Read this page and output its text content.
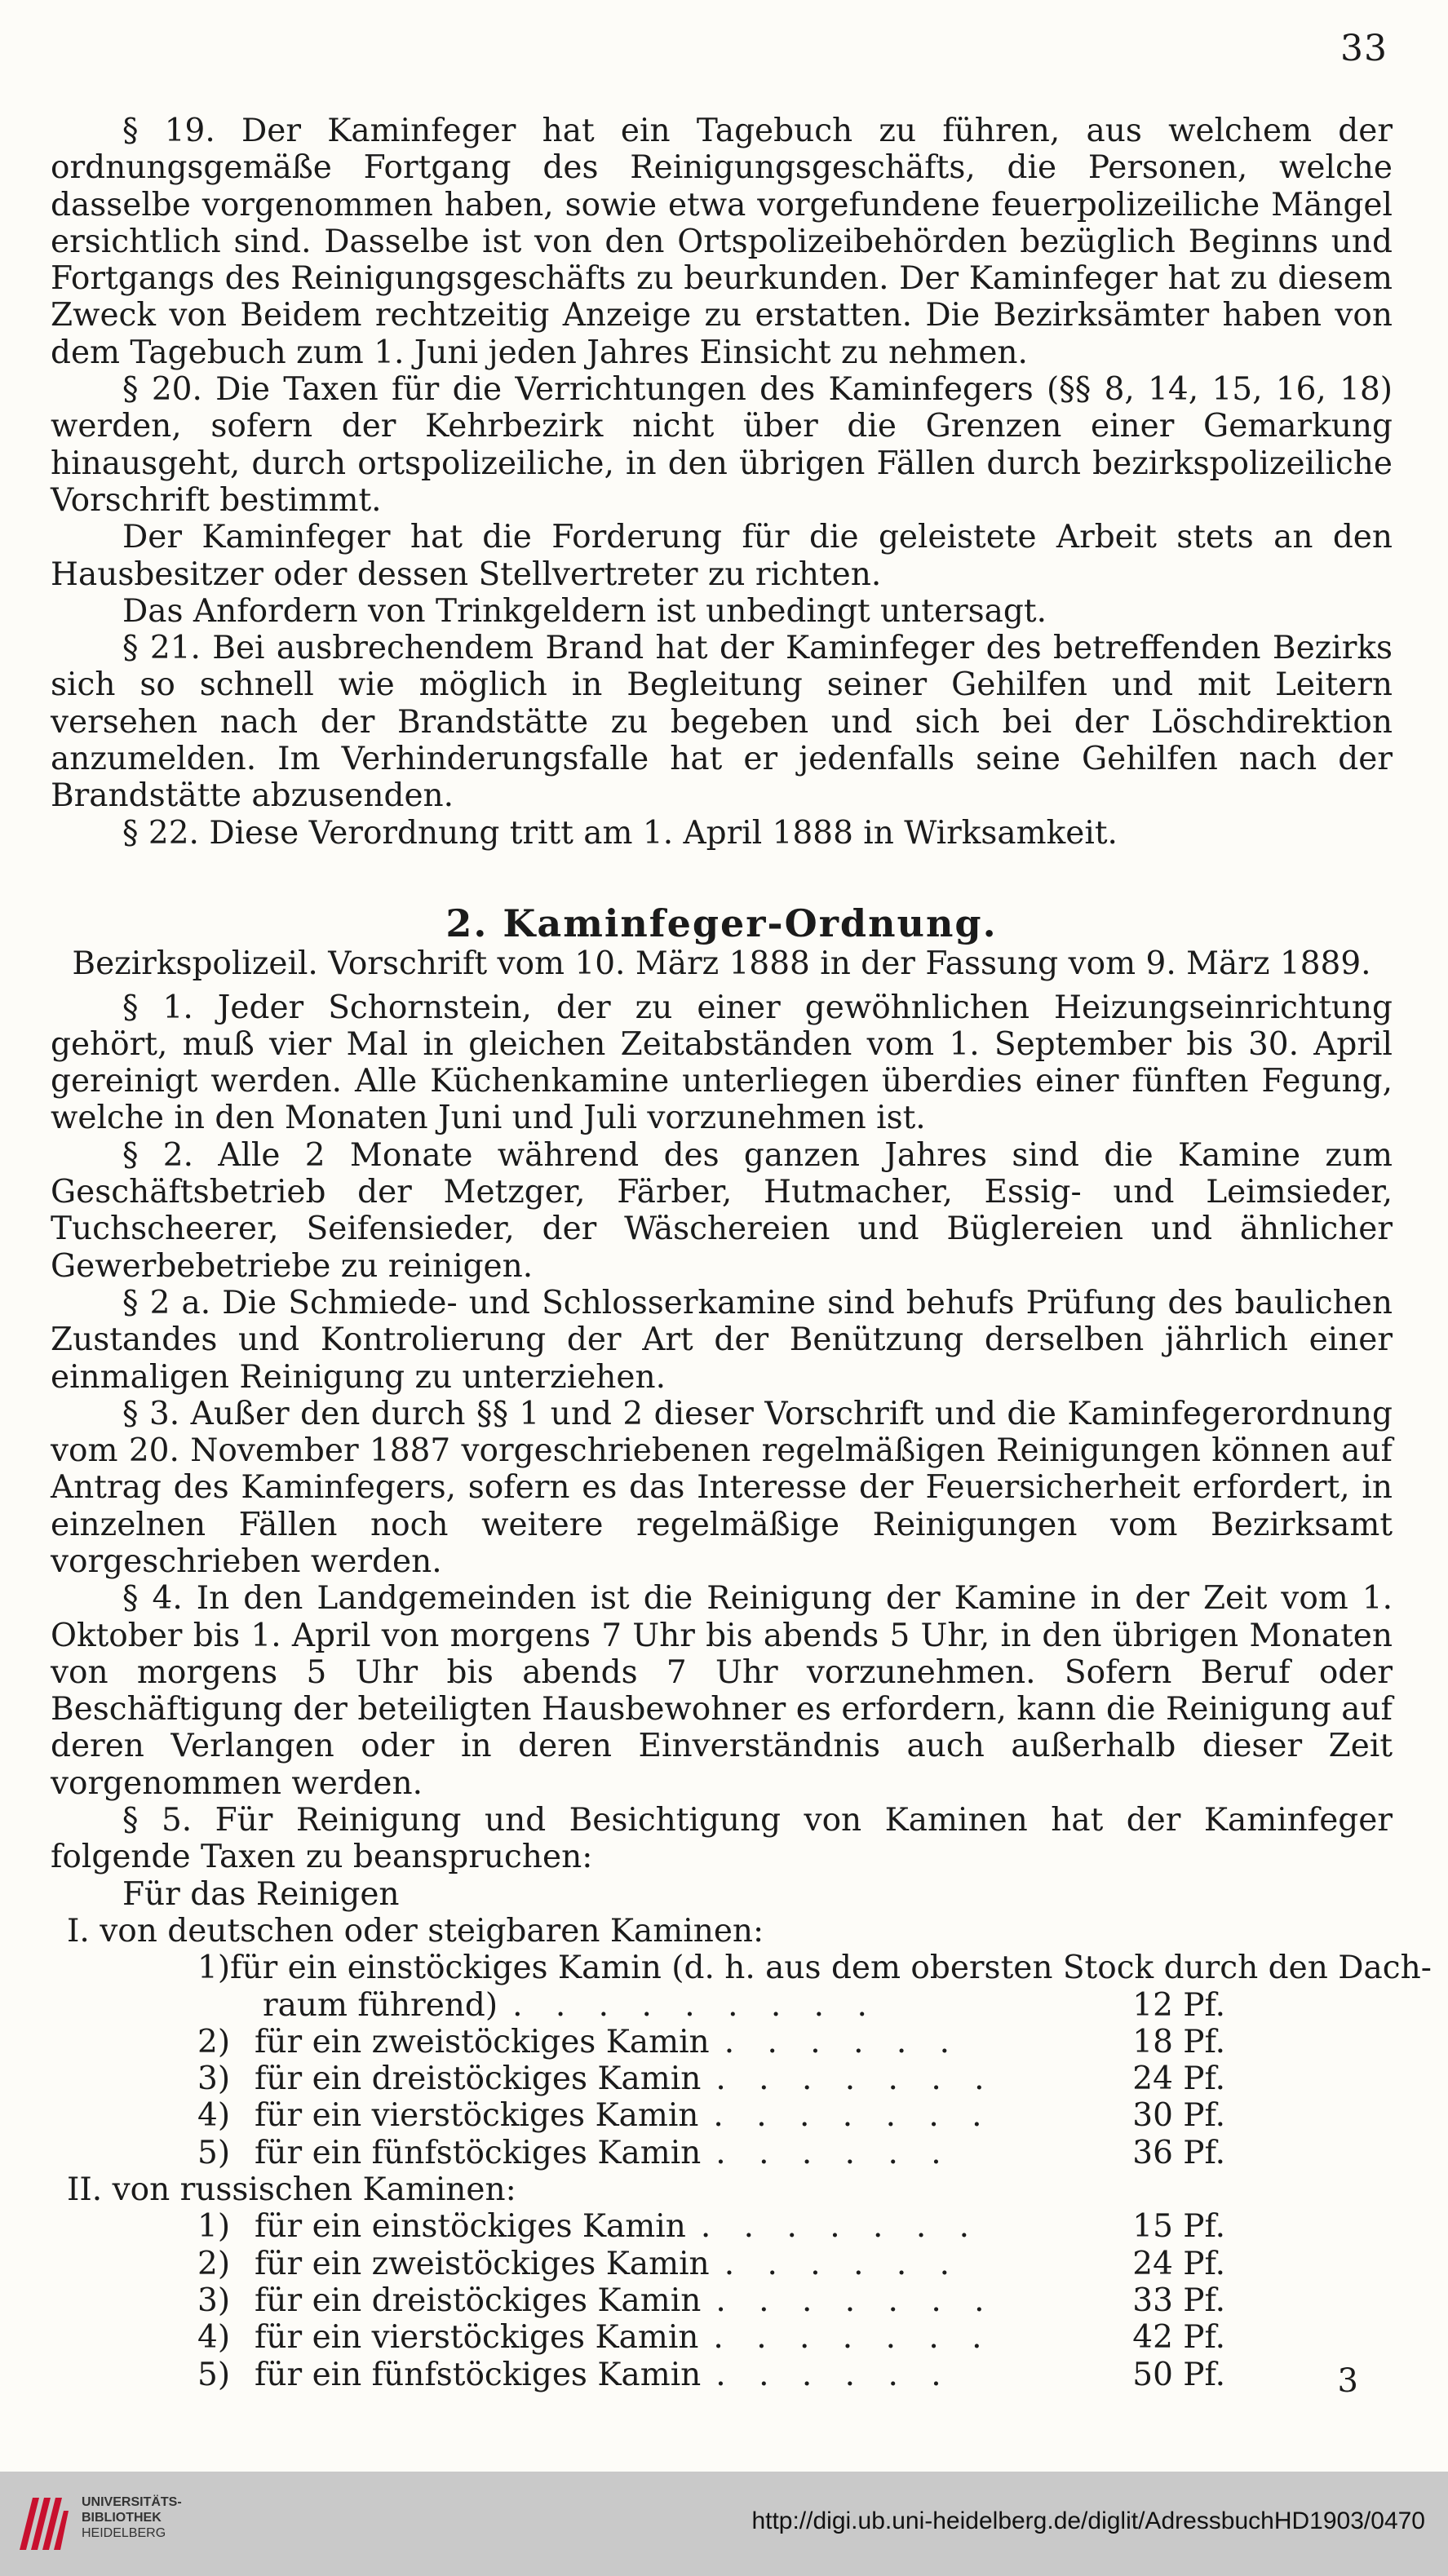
33

§ 19. Der Kaminfeger hat ein Tagebuch zu führen, aus welchem der ordnungsgemäße Fortgang des Reinigungsgeschäfts, die Personen, welche dasselbe vorgenommen haben, sowie etwa vorgefundene feuerpolizeiliche Mängel ersichtlich sind. Dasselbe ist von den Ortspolizeibehörden bezüglich Beginns und Fortgangs des Reinigungsgeschäfts zu beurkunden. Der Kaminfeger hat zu diesem Zweck von Beidem rechtzeitig Anzeige zu erstatten. Die Bezirksämter haben von dem Tagebuch zum 1. Juni jeden Jahres Einsicht zu nehmen.

§ 20. Die Taxen für die Verrichtungen des Kaminfegers (§§ 8, 14, 15, 16, 18) werden, sofern der Kehrbezirk nicht über die Grenzen einer Gemarkung hinausgeht, durch ortspolizeiliche, in den übrigen Fällen durch bezirkspolizeiliche Vorschrift bestimmt.

Der Kaminfeger hat die Forderung für die geleistete Arbeit stets an den Hausbesitzer oder dessen Stellvertreter zu richten.

Das Anfordern von Trinkgeldern ist unbedingt untersagt.

§ 21. Bei ausbrechendem Brand hat der Kaminfeger des betreffenden Bezirks sich so schnell wie möglich in Begleitung seiner Gehilfen und mit Leitern versehen nach der Brandstätte zu begeben und sich bei der Löschdirektion anzumelden. Im Verhinderungsfalle hat er jedenfalls seine Gehilfen nach der Brandstätte abzusenden.

§ 22. Diese Verordnung tritt am 1. April 1888 in Wirksamkeit.

2. Kaminfeger-Ordnung.

Bezirkspolizeil. Vorschrift vom 10. März 1888 in der Fassung vom 9. März 1889.

§ 1. Jeder Schornstein, der zu einer gewöhnlichen Heizungseinrichtung gehört, muß vier Mal in gleichen Zeitabständen vom 1. September bis 30. April gereinigt werden. Alle Küchenkamine unterliegen überdies einer fünften Fegung, welche in den Monaten Juni und Juli vorzunehmen ist.

§ 2. Alle 2 Monate während des ganzen Jahres sind die Kamine zum Geschäftsbetrieb der Metzger, Färber, Hutmacher, Essig- und Leimsieder, Tuchscheerer, Seifensieder, der Wäschereien und Büglereien und ähnlicher Gewerbebetriebe zu reinigen.

§ 2 a. Die Schmiede- und Schlosserkamine sind behufs Prüfung des baulichen Zustandes und Kontrolierung der Art der Benützung derselben jährlich einer einmaligen Reinigung zu unterziehen.

§ 3. Außer den durch §§ 1 und 2 dieser Vorschrift und die Kaminfegerordnung vom 20. November 1887 vorgeschriebenen regelmäßigen Reinigungen können auf Antrag des Kaminfegers, sofern es das Interesse der Feuersicherheit erfordert, in einzelnen Fällen noch weitere regelmäßige Reinigungen vom Bezirksamt vorgeschrieben werden.

§ 4. In den Landgemeinden ist die Reinigung der Kamine in der Zeit vom 1. Oktober bis 1. April von morgens 7 Uhr bis abends 5 Uhr, in den übrigen Monaten von morgens 5 Uhr bis abends 7 Uhr vorzunehmen. Sofern Beruf oder Beschäftigung der beteiligten Hausbewohner es erfordern, kann die Reinigung auf deren Verlangen oder in deren Einverständnis auch außerhalb dieser Zeit vorgenommen werden.

§ 5. Für Reinigung und Besichtigung von Kaminen hat der Kaminfeger folgende Taxen zu beanspruchen:

Für das Reinigen

I. von deutschen oder steigbaren Kaminen:

1) für ein einstöckiges Kamin (d. h. aus dem obersten Stock durch den Dach-
raum führend) . . . . . . . . .	12 Pf.
2) für ein zweistöckiges Kamin . . . . . .	18 Pf.
3) für ein dreistöckiges Kamin . . . . . . .	24 Pf.
4) für ein vierstöckiges Kamin . . . . . . .	30 Pf.
5) für ein fünfstöckiges Kamin . . . . . .	36 Pf.

II. von russischen Kaminen:

1) für ein einstöckiges Kamin . . . . . . .	15 Pf.
2) für ein zweistöckiges Kamin . . . . . .	24 Pf.
3) für ein dreistöckiges Kamin . . . . . . .	33 Pf.
4) für ein vierstöckiges Kamin . . . . . . .	42 Pf.
5) für ein fünfstöckiges Kamin . . . . . .	50 Pf.	3
UNIVERSITÄTS-
BIBLIOTHEK
HEIDELBERG	http://digi.ub.uni-heidelberg.de/diglit/AdressbuchHD1903/0470
